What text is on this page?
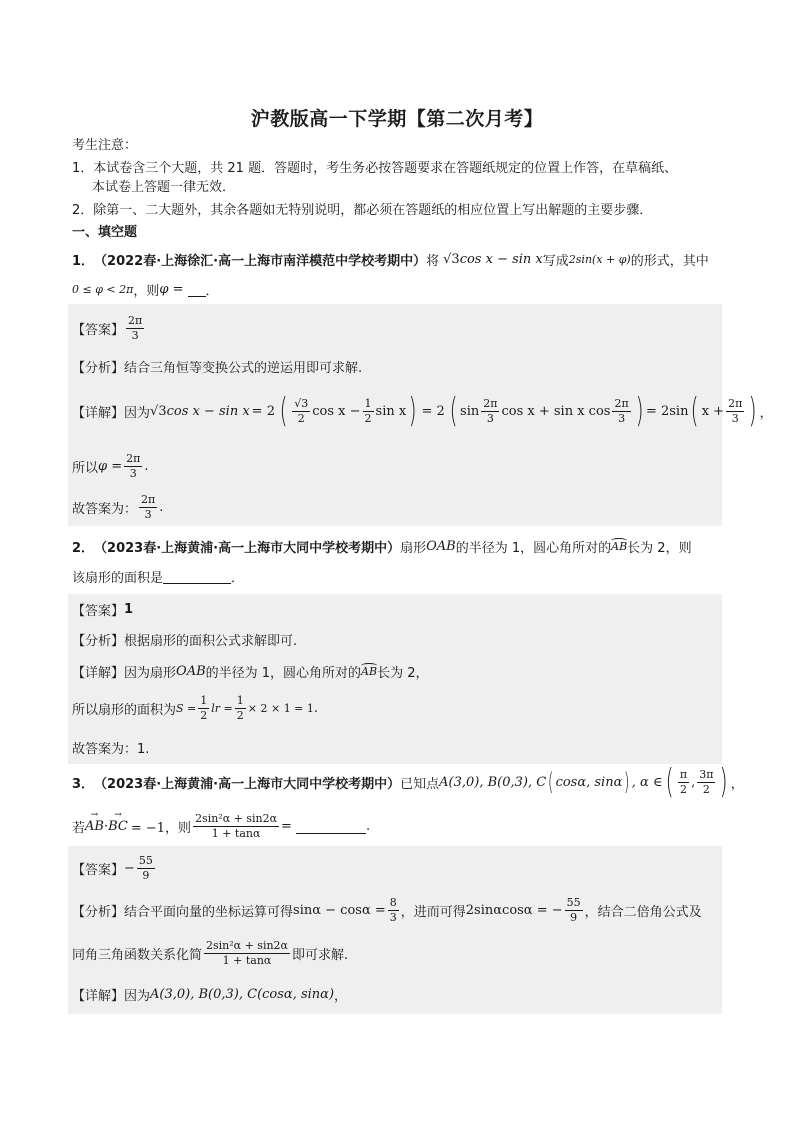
沪教版高一下学期【第二次月考】
考生注意：
1．本试卷含三个大题，共 21 题．答题时，考生务必按答题要求在答题纸规定的位置上作答，在草稿纸、
本试卷上答题一律无效．
2．除第一、二大题外，其余各题如无特别说明，都必须在答题纸的相应位置上写出解题的主要步骤．
一、填空题
1． （2022春·上海徐汇·高一上海市南洋模范中学校考期中） 将 √3 cos x − sin x 写成 2sin(x + φ) 的形式，其中
0 ≤ φ < 2π ，则 φ = ．
【答案】 $\frac{2\pi}{3}$
【分析】 结合三角恒等变换公式的逆运用即可求解.
【详解】 因为 √3 cos x − sin x = 2 ( $\frac{√3}{2}$ $\cos x - \frac{1}{2}$ sin x ) = 2 ( $\sin \frac{2\pi}{3}$ cos x + sin x $\cos \frac{2\pi}{3}$ ) = 2sin ( $x + \frac{2\pi}{3}$ ) ，
所以 $\varphi = \frac{2\pi}{3}$ .
故答案为： $\frac{2\pi}{3}$ .
2． （2023春·上海黄浦·高一上海市大同中学校考期中） 扇形 OAB 的半径为 1，圆心角所对的 AB 长为 2，则
该扇形的面积是	．
【答案】 1
【分析】 根据扇形的面积公式求解即可.
【详解】 因为扇形 OAB 的半径为 1，圆心角所对的 AB 长为 2，
所以扇形的面积为 $S = \frac{1}{2}$ lr = $\frac{1}{2} \times 2 \times 1 = 1$ .
故答案为：1.
3． （2023春·上海黄浦·高一上海市大同中学校考期中） 已知点 A(3,0), B(0,3), C ( cosα, sinα ) , α ∈ ( $\frac{\pi}{2}$ , $\frac{3\pi}{2}$ ) ，
若 → AB · → BC = −1，则 $\frac{\text{2sin²α + sin2α}}{1 + \tan\alpha}$ =	.
【答案】 − $\frac{55}{9}$
【分析】 结合平面向量的坐标运算可得 $\sin\alpha - \cos\alpha = \frac{8}{3}$ ，进而可得 2sinαcosα = − $\frac{55}{9}$ ，结合二倍角公式及
同角三角函数关系化简 $\frac{\text{2sin²α + sin2α}}{1 + \tan\alpha}$ 即可求解.
【详解】 因为 A(3,0), B(0,3), C(cosα, sinα) ，
